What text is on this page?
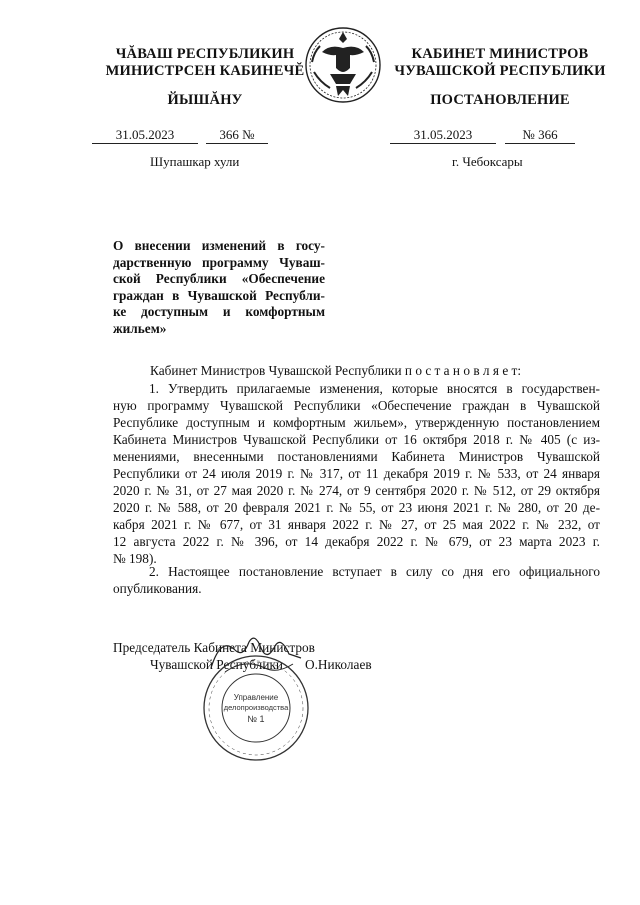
ЧĂВАШ РЕСПУБЛИКИН
МИНИСТРСЕН КАБИНЕЧĔ
ЙЫШĂНУ
КАБИНЕТ МИНИСТРОВ
ЧУВАШСКОЙ РЕСПУБЛИКИ
ПОСТАНОВЛЕНИЕ
31.05.2023	366 №	31.05.2023	№ 366
Шупашкар хули	г. Чебоксары
О внесении изменений в госу-
дарственную программу Чуваш-
ской Республики «Обеспечение
граждан в Чувашской Республи-
ке доступным и комфортным
жильем»
Кабинет Министров Чувашской Республики п о с т а н о в л я е т:
1. Утвердить прилагаемые изменения, которые вносятся в государствен-
ную программу Чувашской Республики «Обеспечение граждан в Чувашской
Республике доступным и комфортным жильем», утвержденную постановлением
Кабинета Министров Чувашской Республики от 16 октября 2018 г. № 405 (с из-
менениями, внесенными постановлениями Кабинета Министров Чувашской
Республики от 24 июля 2019 г. № 317, от 11 декабря 2019 г. № 533, от 24 января
2020 г. № 31, от 27 мая 2020 г. № 274, от 9 сентября 2020 г. № 512, от 29 октября
2020 г. № 588, от 20 февраля 2021 г. № 55, от 23 июня 2021 г. № 280, от 20 де-
кабря 2021 г. № 677, от 31 января 2022 г. № 27, от 25 мая 2022 г. № 232, от
12 августа 2022 г. № 396, от 14 декабря 2022 г. № 679, от 23 марта 2023 г.
№ 198).
2. Настоящее постановление вступает в силу со дня его официального
опубликования.
Председатель Кабинета Министров
Чувашской Республики О.Николаев
Управление
делопроизводства
№ 1
